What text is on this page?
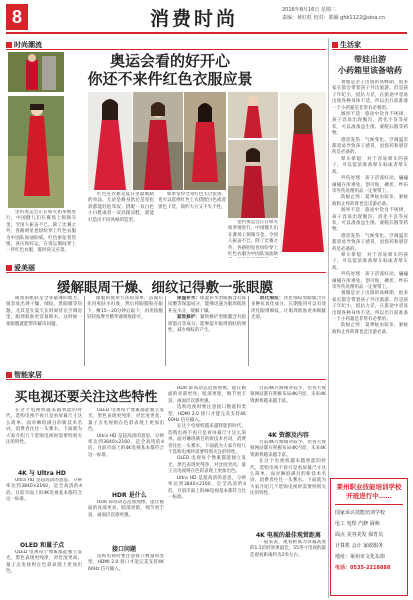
8	消费时尚	2016年8月16日 星期二
责编：黄红虹 校对：郭颖 ghk1122@sina.cn
时尚潮流
奥运会看的好开心
你还不来件红色衣服应景

里约奥运会正在如火如荼地进行，中国健儿们在赛场上频频夺金，令国人振奋不已。除了比赛之外，各路明星也纷纷穿上红色衣服为中国队加油助威。红色象征着热情、喜庆和好运，在奥运期间穿上一件红色衣服，既时尚又应景。

红色连衣裙是夏日里最吸睛的单品，无论是修身款还是宽松款都能轻松驾驭。搭配一双白色小白鞋或者一双高跟凉鞋，就能打造出不同风格的造型。

如果觉得全身红色太过张扬，也可以选择红色上衣搭配白色或者黑色下装，简约大方又不失个性。

里约奥运会正在如火如荼地进行，中国健儿们在赛场上频频夺金，令国人振奋不已。除了比赛之外，各路明星也纷纷穿上红色衣服为中国队加油助

爱美丽
缓解眼周干燥、细纹记得敷一张眼膜

眼周的肌肤是全身最薄的地方，很容易出现干燥、细纹、黑眼圈等问题。尤其是在夏天长时间待在空调房里，眼周肌肤更容易缺水。这时候一张眼膜就能帮你解决问题。

眼膜的使用方法很简单，洁面后先用爽肤水打底，然后将眼膜贴在眼下，敷15—20分钟后取下，再用指腹轻轻按摩至精华液吸收即可。

保湿补水：保湿补水型眼膜含有玻尿酸等保湿成分，能够迅速为眼周肌肤补充水分，缓解干燥。

紧致修护：紧致修护型眼膜含有胶原蛋白等成分，能够提升眼周肌肤的弹性，减少细纹的产生。

淡化细纹：淡化细纹型眼膜含有多种抗氧化成分，长期使用可以有效淡化眼周细纹，让眼周肌肤更加细腻光滑。

智能家居
买电视还要关注这些特性

在这个电视机越来越智能的时代，选购电视不再只是看屏幕尺寸这么简单。面对琳琅满目的新技术名词，消费者往往一头雾水。下面就为大家介绍几个选购电视时需要特别关注的特性。

4K 与 Ultra HD

Ultra HD 是超高清的意思，分辨率达到3840×2160，是全高清的4倍。目前市面上的4K电视基本都符合这一标准。

OLED 和量子点

OLED 电视每个像素都能独立发光，黑色表现更纯净，对比度更高；量子点电视则在色彩表现上更加出色。

OLED 电视每个像素都能独立发光，黑色表现更纯净，对比度更高；量子点电视则在色彩表现上更加出色。

Ultra HD 是超高清的意思，分辨率达到3840×2160，是全高清的4倍。目前市面上的4K电视基本都符合这一标准。

HDR 是什么

HDR 即高动态范围图像，能让画面的亮部更亮、暗部更暗，细节更丰富，画面层次感更强。

接口问题

选购电视时要注意接口数量和类型，HDMI 2.0 接口才能完美支持4K 60Hz 信号输入。

HDR 即高动态范围图像，能让画面的亮部更亮、暗部更暗，细节更丰富，画面层次感更强。

选购电视时要注意接口数量和类型，HDMI 2.0 接口才能完美支持4K 60Hz 信号输入。

在这个电视机越来越智能的时代，选购电视不再只是看屏幕尺寸这么简单。面对琳琅满目的新技术名词，消费者往往一头雾水。下面就为大家介绍几个选购电视时需要特别关注的特性。

OLED 电视每个像素都能独立发光，黑色表现更纯净，对比度更高；量子点电视则在色彩表现上更加出色。

Ultra HD 是超高清的意思，分辨率达到3840×2160，是全高清的4倍。目前市面上的4K电视基本都符合这一标准。

目前4K片源相对较少，但各大视频网站都在积极布局4K内容，未来4K资源将越来越丰富。

4K 资源及内容

目前4K片源相对较少，但各大视频网站都在积极布局4K内容，未来4K资源将越来越丰富。

在这个电视机越来越智能的时代，选购电视不再只是看屏幕尺寸这么简单。面对琳琅满目的新技术名词，消费者往往一头雾水。下面就为大家介绍几个选购电视时需要特别关注的特性。

4K 电视的最佳观赏距离

一般来说，观看距离为屏幕高度的1.5倍时效果最佳，55英寸电视的最佳观看距离约为2米左右。

生活家
带娃出游
小药箱里该备啥药

暑假是亲子出游的高峰期，很多家长都会带着孩子外出旅游。但是孩子年纪小，抵抗力差，在旅途中容易出现各种身体不适。所以出行前准备一个小药箱是非常有必要的。

肠胃不适：旅途中饮食不规律，孩子容易出现腹泻、消化不良等症状，可以准备益生菌、蒙脱石散等药物。

感冒发热：气候变化、空调温差都容易导致孩子感冒，退烧药和感冒药是必备的。

晕车晕船：对于容易晕车的孩子，可以提前准备晕车贴或者晕车药。

外伤处理：孩子活泼好动，磕磕碰碰在所难免，创可贴、碘伏、纱布等外伤处理用品一定要带上。

防蚊止痒：夏季蚊虫较多，驱蚊液和止痒药膏也是出游必备。

肠胃不适：旅途中饮食不规律，孩子容易出现腹泻、消化不良等症状，可以准备益生菌、蒙脱石散等药物。

感冒发热：气候变化、空调温差都容易导致孩子感冒，退烧药和感冒药是必备的。

晕车晕船：对于容易晕车的孩子，可以提前准备晕车贴或者晕车药。

外伤处理：孩子活泼好动，磕磕碰碰在所难免，创可贴、碘伏、纱布等外伤处理用品一定要带上。

暑假是亲子出游的高峰期，很多家长都会带着孩子外出旅游。但是孩子年纪小，抵抗力差，在旅途中容易出现各种身体不适。所以出行前准备一个小药箱是非常有必要的。

防蚊止痒：夏季蚊虫较多，驱蚊液和止痒药膏也是出游必备。

莱州职业技能培训学校
开班进行中……
国家承认技能培训学校
电工 电焊 汽修 厨师
面点 美容美发 保育员
计算机 会计 家政服务
地址：莱州市文化东街
电话：0535-2218888
